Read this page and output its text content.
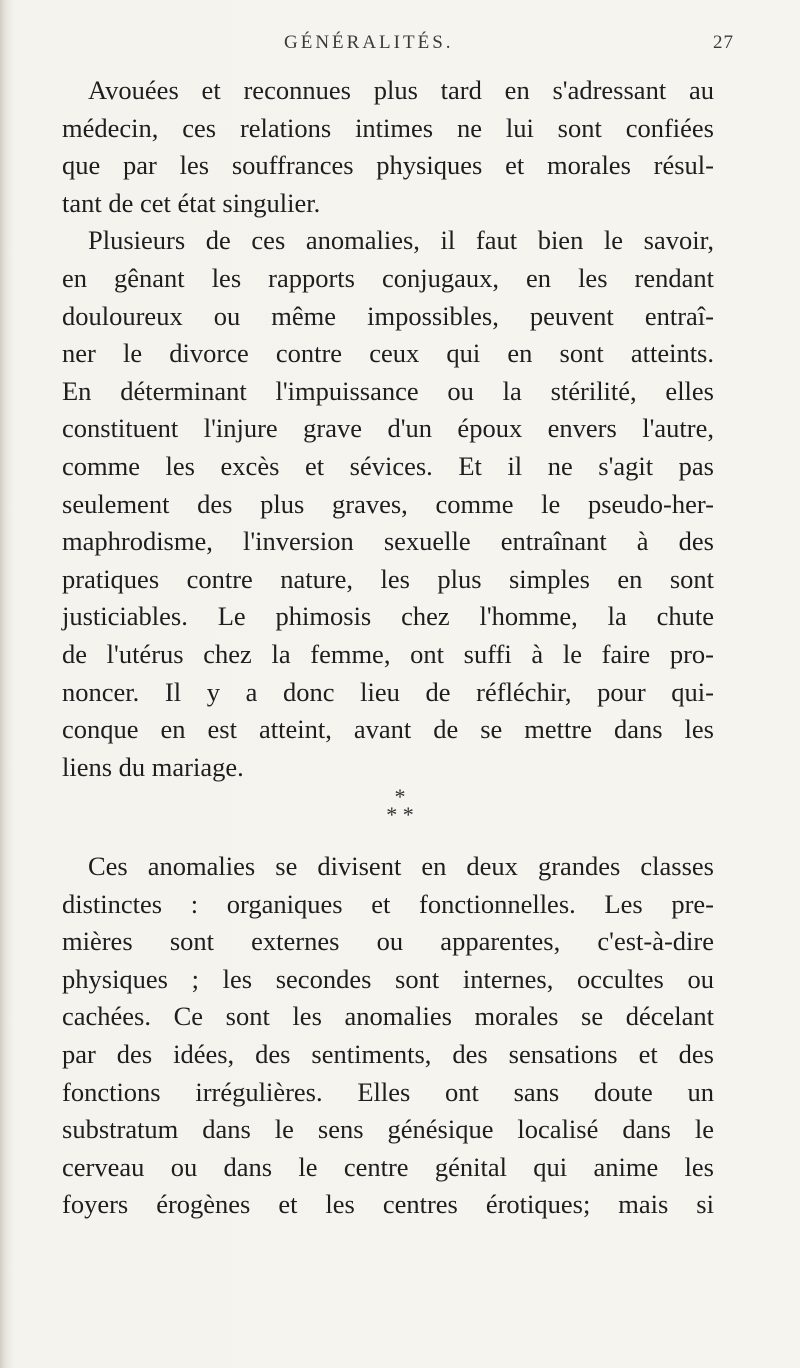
GÉNÉRALITÉS.	27
Avouées et reconnues plus tard en s'adressant au
médecin, ces relations intimes ne lui sont confiées
que par les souffrances physiques et morales résul-
tant de cet état singulier.
Plusieurs de ces anomalies, il faut bien le savoir,
en gênant les rapports conjugaux, en les rendant
douloureux ou même impossibles, peuvent entraî-
ner le divorce contre ceux qui en sont atteints.
En déterminant l'impuissance ou la stérilité, elles
constituent l'injure grave d'un époux envers l'autre,
comme les excès et sévices. Et il ne s'agit pas
seulement des plus graves, comme le pseudo-her-
maphrodisme, l'inversion sexuelle entraînant à des
pratiques contre nature, les plus simples en sont
justiciables. Le phimosis chez l'homme, la chute
de l'utérus chez la femme, ont suffi à le faire pro-
noncer. Il y a donc lieu de réfléchir, pour qui-
conque en est atteint, avant de se mettre dans les
liens du mariage.
*
* *
Ces anomalies se divisent en deux grandes classes
distinctes : organiques et fonctionnelles. Les pre-
mières sont externes ou apparentes, c'est-à-dire
physiques ; les secondes sont internes, occultes ou
cachées. Ce sont les anomalies morales se décelant
par des idées, des sentiments, des sensations et des
fonctions irrégulières. Elles ont sans doute un
substratum dans le sens génésique localisé dans le
cerveau ou dans le centre génital qui anime les
foyers érogènes et les centres érotiques; mais si
